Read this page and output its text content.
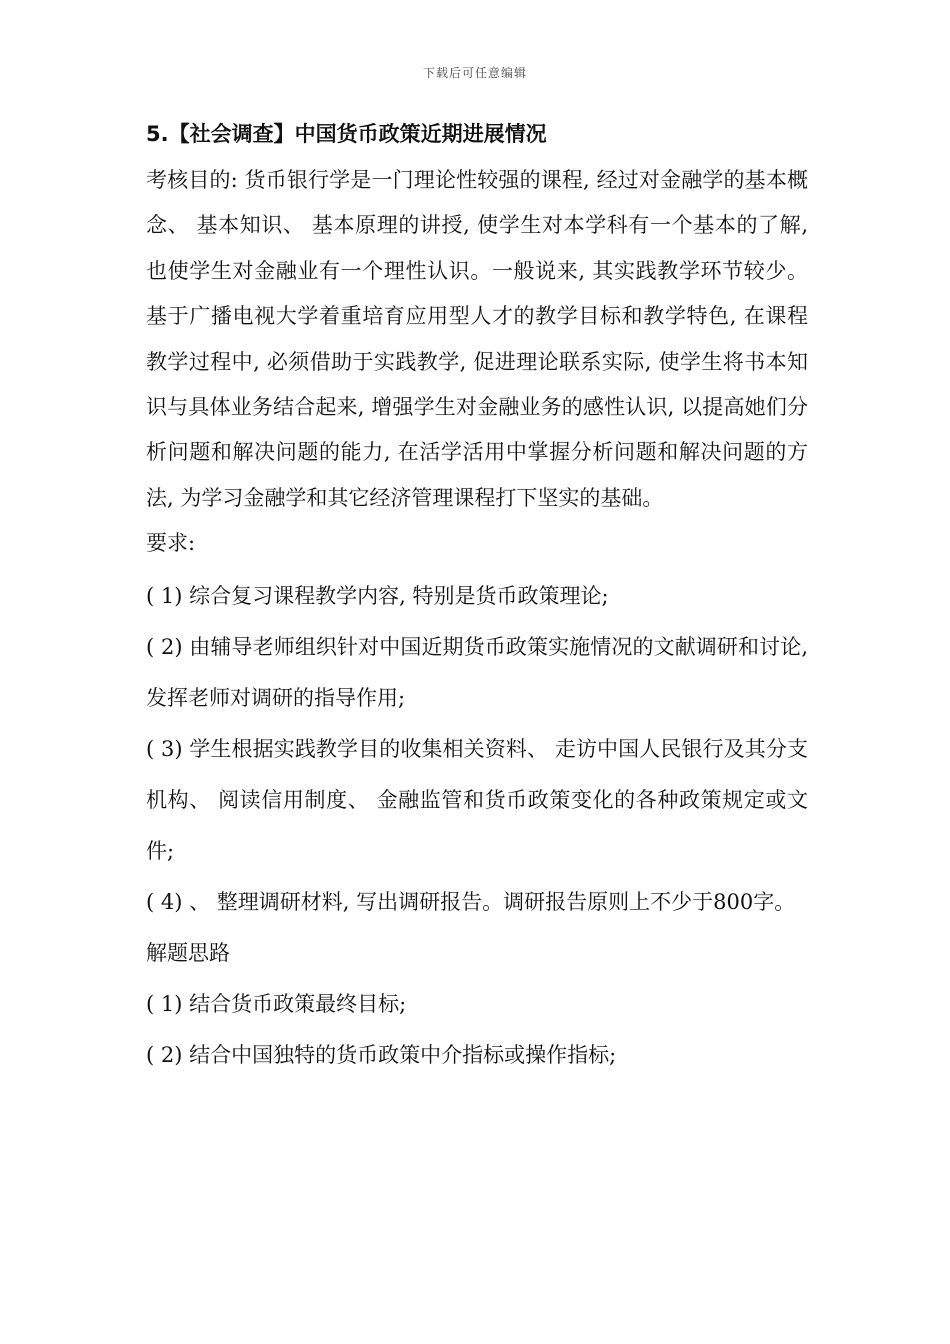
下载后可任意编辑
5.【社会调查】中国货币政策近期进展情况

考核目的: 货币银行学是一门理论性较强的课程, 经过对金融学的基本概念、 基本知识、 基本原理的讲授, 使学生对本学科有一个基本的了解, 也使学生对金融业有一个理性认识。一般说来, 其实践教学环节较少。基于广播电视大学着重培育应用型人才的教学目标和教学特色, 在课程教学过程中, 必须借助于实践教学, 促进理论联系实际, 使学生将书本知识与具体业务结合起来, 增强学生对金融业务的感性认识, 以提高她们分析问题和解决问题的能力, 在活学活用中掌握分析问题和解决问题的方法, 为学习金融学和其它经济管理课程打下坚实的基础。

要求:

( 1) 综合复习课程教学内容, 特别是货币政策理论;

( 2) 由辅导老师组织针对中国近期货币政策实施情况的文献调研和讨论, 发挥老师对调研的指导作用;

( 3) 学生根据实践教学目的收集相关资料、 走访中国人民银行及其分支机构、 阅读信用制度、 金融监管和货币政策变化的各种政策规定或文件;

( 4) 、 整理调研材料, 写出调研报告。调研报告原则上不少于800字。

解题思路

( 1) 结合货币政策最终目标;

( 2) 结合中国独特的货币政策中介指标或操作指标;
